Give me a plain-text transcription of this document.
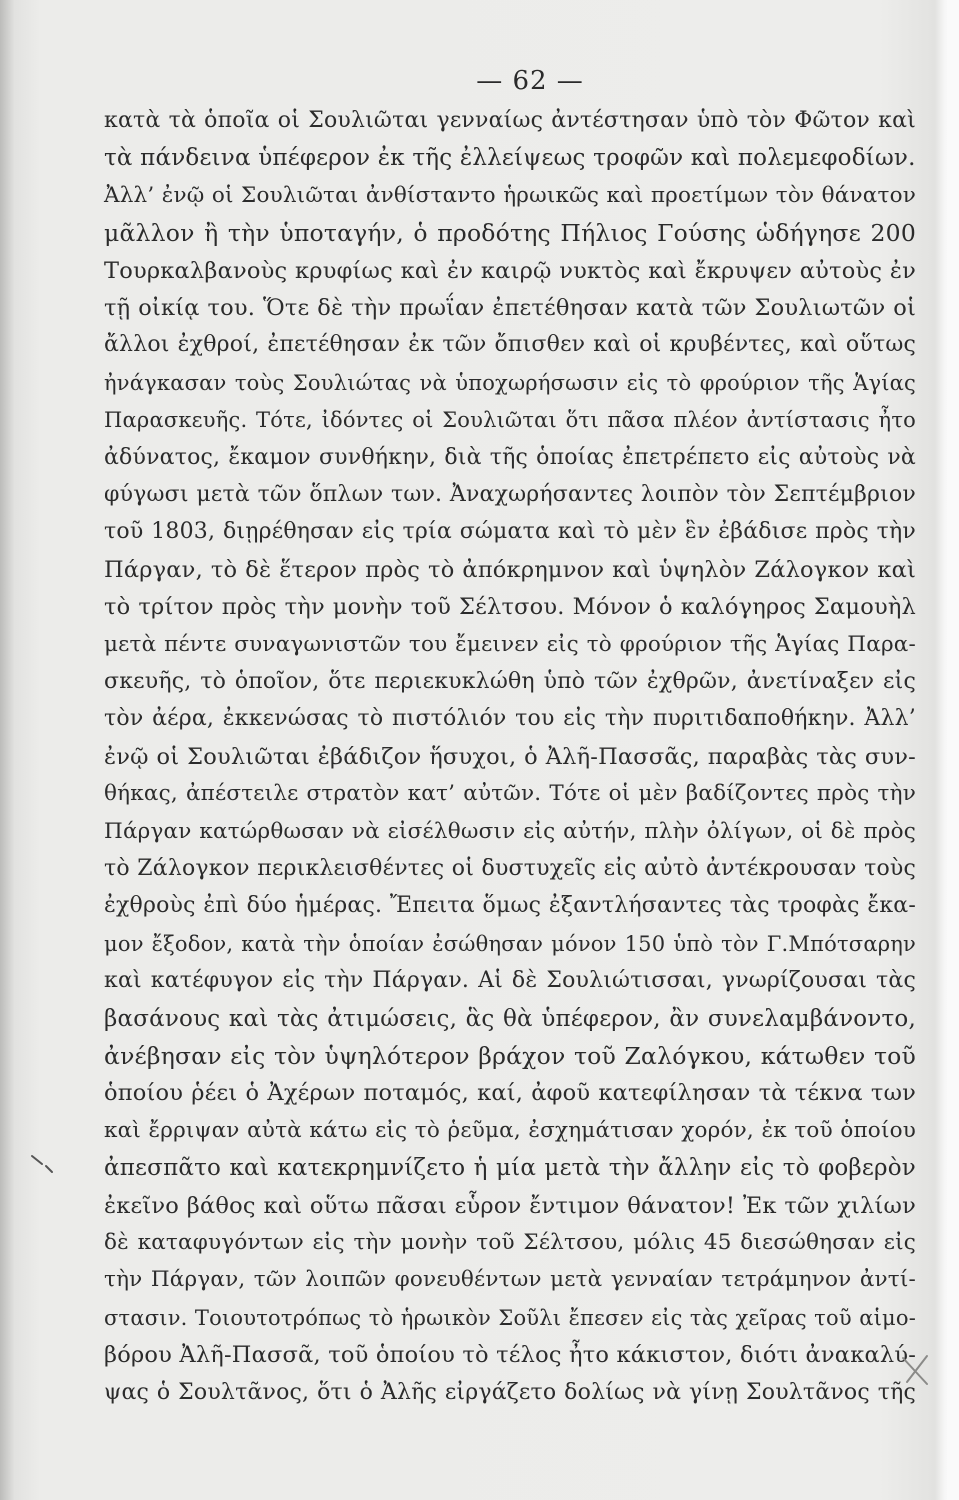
— 62 —
κατὰ τὰ ὁποῖα οἱ Σουλιῶται γενναίως ἀντέστησαν ὑπὸ τὸν Φῶτον καὶ
τὰ πάνδεινα ὑπέφερον ἐκ τῆς ἐλλείψεως τροφῶν καὶ πολεμεφοδίων.
Ἀλλ’ ἐνῷ οἱ Σουλιῶται ἀνθίσταντο ἡρωικῶς καὶ προετίμων τὸν θάνατον
μᾶλλον ἢ τὴν ὑποταγήν, ὁ προδότης Πήλιος Γούσης ὡδήγησε 200
Τουρκαλβανοὺς κρυφίως καὶ ἐν καιρῷ νυκτὸς καὶ ἔκρυψεν αὐτοὺς ἐν
τῇ οἰκίᾳ του. Ὅτε δὲ τὴν πρωΐαν ἐπετέθησαν κατὰ τῶν Σουλιωτῶν οἱ
ἄλλοι ἐχθροί, ἐπετέθησαν ἐκ τῶν ὄπισθεν καὶ οἱ κρυβέντες, καὶ οὕτως
ἠνάγκασαν τοὺς Σουλιώτας νὰ ὑποχωρήσωσιν εἰς τὸ φρούριον τῆς Ἁγίας
Παρασκευῆς. Τότε, ἰδόντες οἱ Σουλιῶται ὅτι πᾶσα πλέον ἀντίστασις ἦτο
ἀδύνατος, ἔκαμον συνθήκην, διὰ τῆς ὁποίας ἐπετρέπετο εἰς αὐτοὺς νὰ
φύγωσι μετὰ τῶν ὅπλων των. Ἀναχωρήσαντες λοιπὸν τὸν Σεπτέμβριον
τοῦ 1803, διῃρέθησαν εἰς τρία σώματα καὶ τὸ μὲν ἓν ἐβάδισε πρὸς τὴν
Πάργαν, τὸ δὲ ἕτερον πρὸς τὸ ἀπόκρημνον καὶ ὑψηλὸν Ζάλογκον καὶ
τὸ τρίτον πρὸς τὴν μονὴν τοῦ Σέλτσου. Μόνον ὁ καλόγηρος Σαμουὴλ
μετὰ πέντε συναγωνιστῶν του ἔμεινεν εἰς τὸ φρούριον τῆς Ἁγίας Παρα-
σκευῆς, τὸ ὁποῖον, ὅτε περιεκυκλώθη ὑπὸ τῶν ἐχθρῶν, ἀνετίναξεν εἰς
τὸν ἀέρα, ἐκκενώσας τὸ πιστόλιόν του εἰς τὴν πυριτιδαποθήκην. Ἀλλ’
ἐνῷ οἱ Σουλιῶται ἐβάδιζον ἥσυχοι, ὁ Ἀλῆ-Πασσᾶς, παραβὰς τὰς συν-
θήκας, ἀπέστειλε στρατὸν κατ’ αὐτῶν. Τότε οἱ μὲν βαδίζοντες πρὸς τὴν
Πάργαν κατώρθωσαν νὰ εἰσέλθωσιν εἰς αὐτήν, πλὴν ὀλίγων, οἱ δὲ πρὸς
τὸ Ζάλογκον περικλεισθέντες οἱ δυστυχεῖς εἰς αὐτὸ ἀντέκρουσαν τοὺς
ἐχθροὺς ἐπὶ δύο ἡμέρας. Ἔπειτα ὅμως ἐξαντλήσαντες τὰς τροφὰς ἔκα-
μον ἔξοδον, κατὰ τὴν ὁποίαν ἐσώθησαν μόνον 150 ὑπὸ τὸν Γ.Μπότσαρην
καὶ κατέφυγον εἰς τὴν Πάργαν. Αἱ δὲ Σουλιώτισσαι, γνωρίζουσαι τὰς
βασάνους καὶ τὰς ἀτιμώσεις, ἃς θὰ ὑπέφερον, ἂν συνελαμβάνοντο,
ἀνέβησαν εἰς τὸν ὑψηλότερον βράχον τοῦ Ζαλόγκου, κάτωθεν τοῦ
ὁποίου ῥέει ὁ Ἀχέρων ποταμός, καί, ἀφοῦ κατεφίλησαν τὰ τέκνα των
καὶ ἔρριψαν αὐτὰ κάτω εἰς τὸ ῥεῦμα, ἐσχημάτισαν χορόν, ἐκ τοῦ ὁποίου
ἀπεσπᾶτο καὶ κατεκρημνίζετο ἡ μία μετὰ τὴν ἄλλην εἰς τὸ φοβερὸν
ἐκεῖνο βάθος καὶ οὕτω πᾶσαι εὗρον ἔντιμον θάνατον! Ἐκ τῶν χιλίων
δὲ καταφυγόντων εἰς τὴν μονὴν τοῦ Σέλτσου, μόλις 45 διεσώθησαν εἰς
τὴν Πάργαν, τῶν λοιπῶν φονευθέντων μετὰ γενναίαν τετράμηνον ἀντί-
στασιν. Τοιουτοτρόπως τὸ ἡρωικὸν Σοῦλι ἔπεσεν εἰς τὰς χεῖρας τοῦ αἱμο-
βόρου Ἀλῆ-Πασσᾶ, τοῦ ὁποίου τὸ τέλος ἦτο κάκιστον, διότι ἀνακαλύ-
ψας ὁ Σουλτᾶνος, ὅτι ὁ Ἀλῆς εἰργάζετο δολίως νὰ γίνῃ Σουλτᾶνος τῆς
